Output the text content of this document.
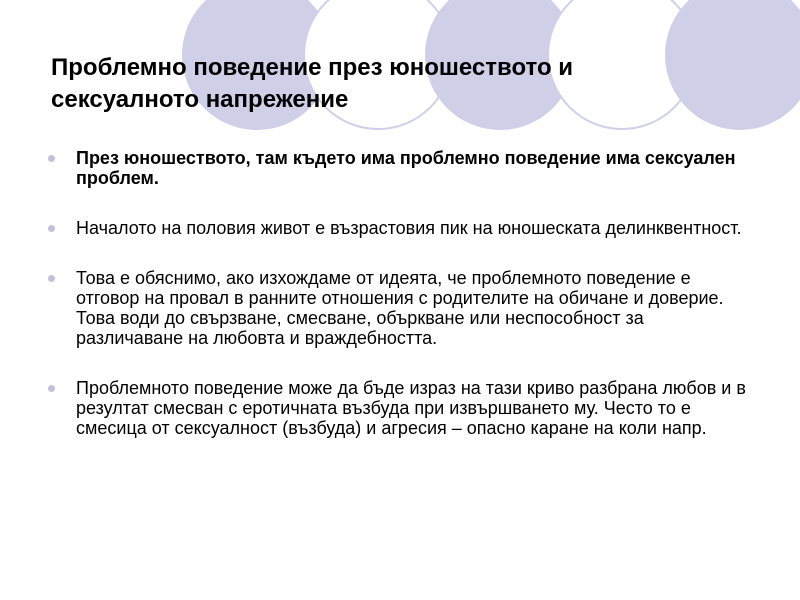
Проблемно поведение през юношеството и сексуалното напрежение
През юношеството, там където има проблемно поведение има сексуален проблем.
Началото на половия живот е възрастовия пик на юношеската делинквентност.
Това е обяснимо, ако изхождаме от идеята, че проблемното поведение е отговор на провал в ранните отношения с родителите на обичане и доверие. Това води до свързване, смесване, объркване или неспособност за различаване на любовта и враждебността.
Проблемното поведение може да бъде израз на тази криво разбрана любов и в резултат смесван с еротичната възбуда при извършването му. Често то е смесица от сексуалност (възбуда) и агресия – опасно каране на коли напр.
